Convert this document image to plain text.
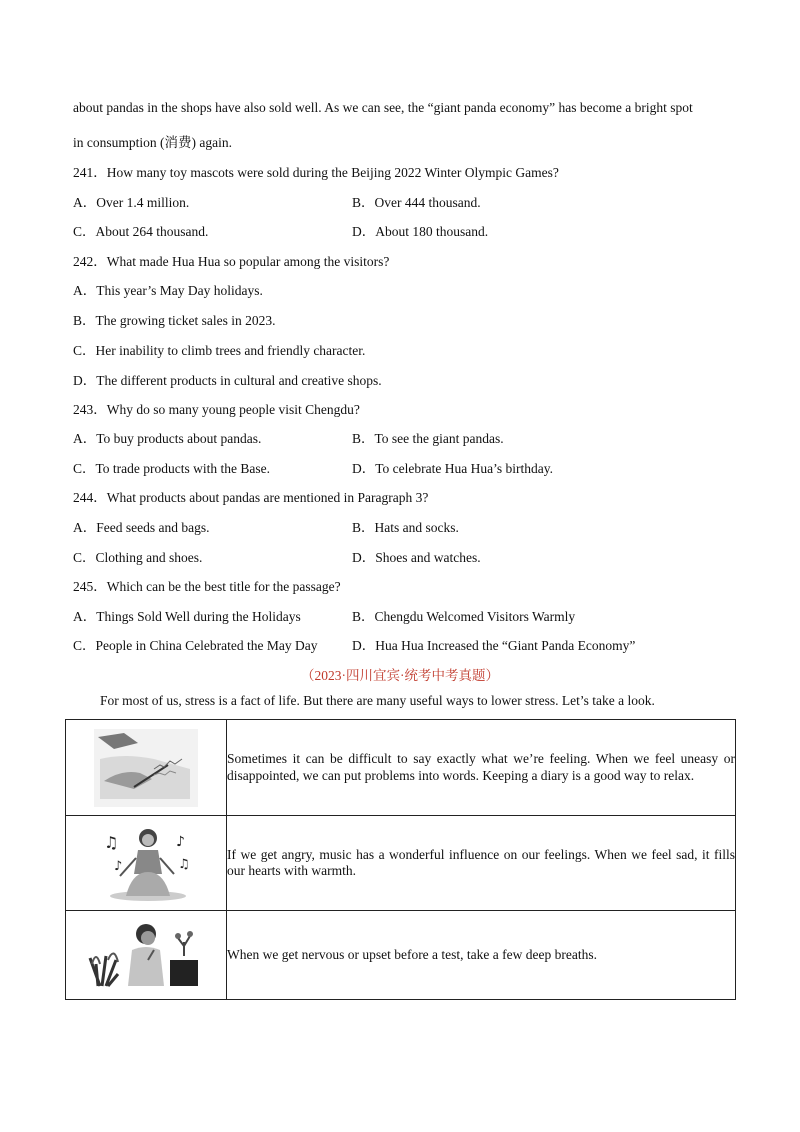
about pandas in the shops have also sold well. As we can see, the “giant panda economy” has become a bright spot
in consumption (消费) again.
241．How many toy mascots were sold during the Beijing 2022 Winter Olympic Games?
A．Over 1.4 million.	B．Over 444 thousand.
C．About 264 thousand.	D．About 180 thousand.
242．What made Hua Hua so popular among the visitors?
A．This year’s May Day holidays.
B．The growing ticket sales in 2023.
C．Her inability to climb trees and friendly character.
D．The different products in cultural and creative shops.
243．Why do so many young people visit Chengdu?
A．To buy products about pandas.	B．To see the giant pandas.
C．To trade products with the Base.	D．To celebrate Hua Hua’s birthday.
244．What products about pandas are mentioned in Paragraph 3?
A．Feed seeds and bags.	B．Hats and socks.
C．Clothing and shoes.	D．Shoes and watches.
245．Which can be the best title for the passage?
A．Things Sold Well during the Holidays	B．Chengdu Welcomed Visitors Warmly
C．People in China Celebrated the May Day	D．Hua Hua Increased the “Giant Panda Economy”
（2023·四川宜宾·统考中考真题）
For most of us, stress is a fact of life. But there are many useful ways to lower stress. Let’s take a look.
	Sometimes it can be difficult to say exactly what we’re feeling. When we feel uneasy or disappointed, we can put problems into words. Keeping a diary is a good way to relax.

♫ ♪
♪ ♫	If we get angry, music has a wonderful influence on our feelings. When we feel sad, it fills our hearts with warmth.

	When we get nervous or upset before a test, take a few deep breaths.
